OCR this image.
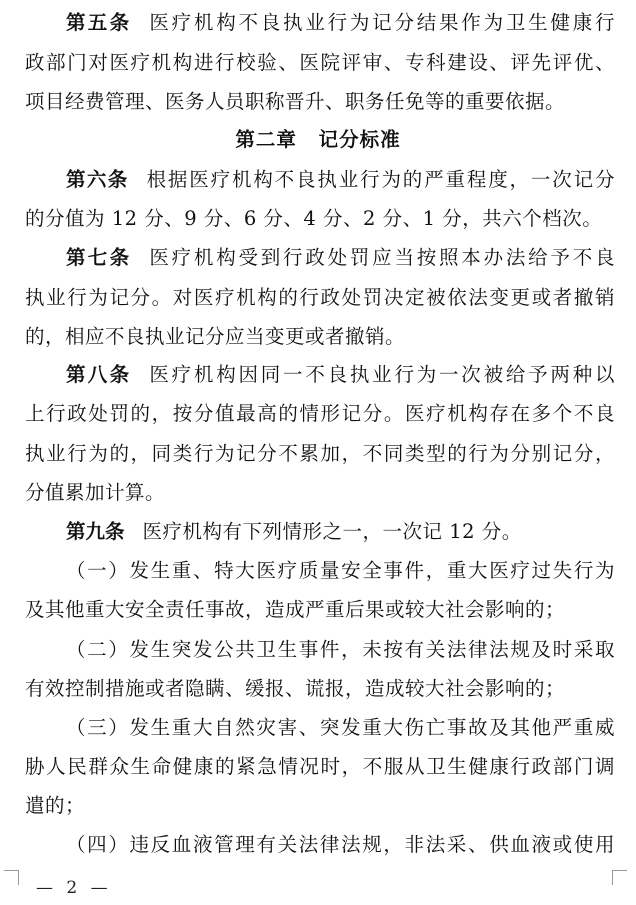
第五条 医疗机构不良执业行为记分结果作为卫生健康行
政部门对医疗机构进行校验、医院评审、专科建设、评先评优、
项目经费管理、医务人员职称晋升、职务任免等的重要依据。
第二章 记分标准
第六条 根据医疗机构不良执业行为的严重程度，一次记分
的分值为 12 分、9 分、6 分、4 分、2 分、1 分，共六个档次。
第七条 医疗机构受到行政处罚应当按照本办法给予不良
执业行为记分。对医疗机构的行政处罚决定被依法变更或者撤销
的，相应不良执业记分应当变更或者撤销。
第八条 医疗机构因同一不良执业行为一次被给予两种以
上行政处罚的，按分值最高的情形记分。医疗机构存在多个不良
执业行为的，同类行为记分不累加，不同类型的行为分别记分，
分值累加计算。
第九条 医疗机构有下列情形之一，一次记 12 分。
（一）发生重、特大医疗质量安全事件，重大医疗过失行为
及其他重大安全责任事故，造成严重后果或较大社会影响的；
（二）发生突发公共卫生事件，未按有关法律法规及时采取
有效控制措施或者隐瞒、缓报、谎报，造成较大社会影响的；
（三）发生重大自然灾害、突发重大伤亡事故及其他严重威
胁人民群众生命健康的紧急情况时，不服从卫生健康行政部门调
遣的；
（四）违反血液管理有关法律法规，非法采、供血液或使用
— 2 —
